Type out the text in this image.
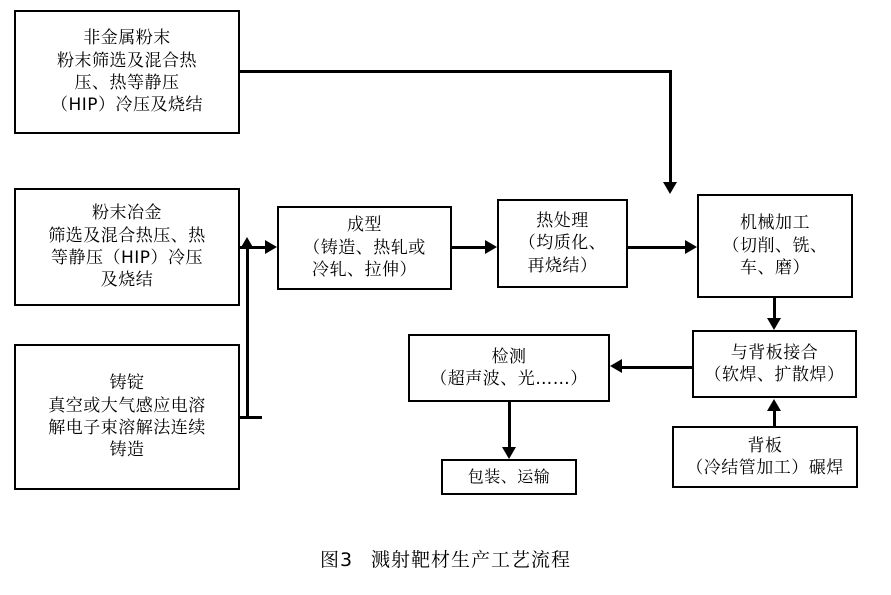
非金属粉末
粉末筛选及混合热
压、热等静压
（HIP）冷压及烧结
粉末冶金
筛选及混合热压、热
等静压（HIP）冷压
及烧结
铸锭
真空或大气感应电溶
解电子束溶解法连续
铸造
成型
（铸造、热轧或
冷轧、拉伸）
热处理
（均质化、
再烧结）
机械加工
（切削、铣、
车、磨）
与背板接合
（软焊、扩散焊）
背板
（冷结管加工）碾焊
检测
（超声波、光……）
包装、运输
图3 溅射靶材生产工艺流程
